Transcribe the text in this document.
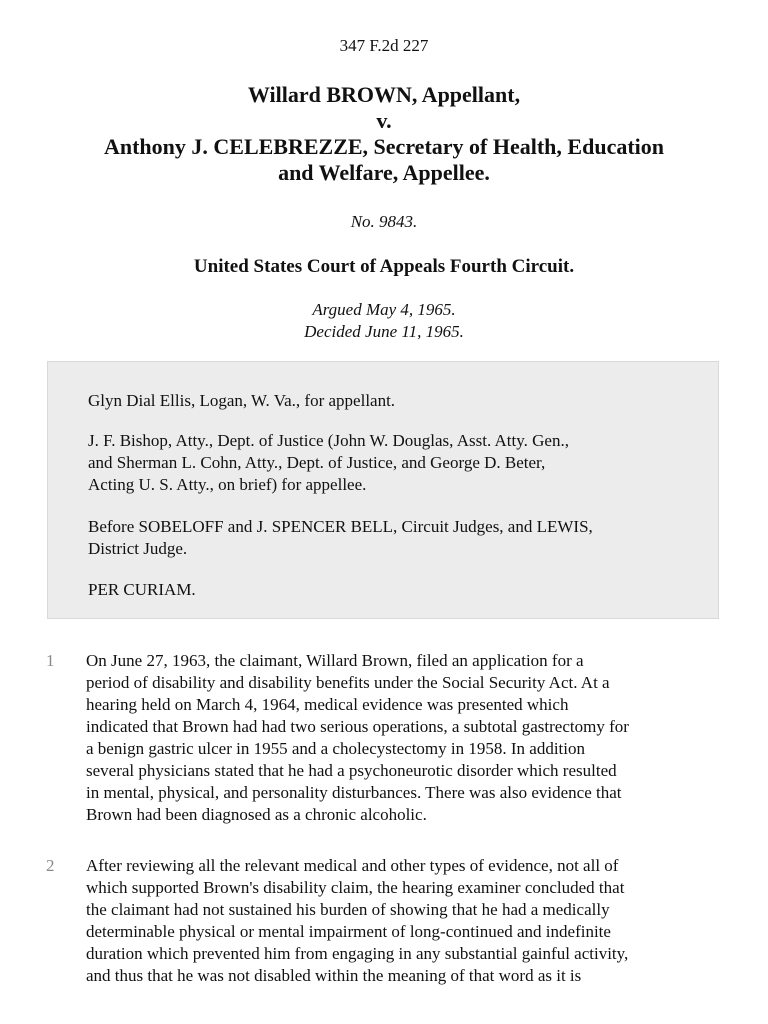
347 F.2d 227
Willard BROWN, Appellant,
v.
Anthony J. CELEBREZZE, Secretary of Health, Education
and Welfare, Appellee.
No. 9843.
United States Court of Appeals Fourth Circuit.
Argued May 4, 1965.
Decided June 11, 1965.

Glyn Dial Ellis, Logan, W. Va., for appellant.

J. F. Bishop, Atty., Dept. of Justice (John W. Douglas, Asst. Atty. Gen.,
and Sherman L. Cohn, Atty., Dept. of Justice, and George D. Beter,
Acting U. S. Atty., on brief) for appellee.

Before SOBELOFF and J. SPENCER BELL, Circuit Judges, and LEWIS,
District Judge.

PER CURIAM.

1 On June 27, 1963, the claimant, Willard Brown, filed an application for a
period of disability and disability benefits under the Social Security Act. At a
hearing held on March 4, 1964, medical evidence was presented which
indicated that Brown had had two serious operations, a subtotal gastrectomy for
a benign gastric ulcer in 1955 and a cholecystectomy in 1958. In addition
several physicians stated that he had a psychoneurotic disorder which resulted
in mental, physical, and personality disturbances. There was also evidence that
Brown had been diagnosed as a chronic alcoholic.
2 After reviewing all the relevant medical and other types of evidence, not all of
which supported Brown's disability claim, the hearing examiner concluded that
the claimant had not sustained his burden of showing that he had a medically
determinable physical or mental impairment of long-continued and indefinite
duration which prevented him from engaging in any substantial gainful activity,
and thus that he was not disabled within the meaning of that word as it is
